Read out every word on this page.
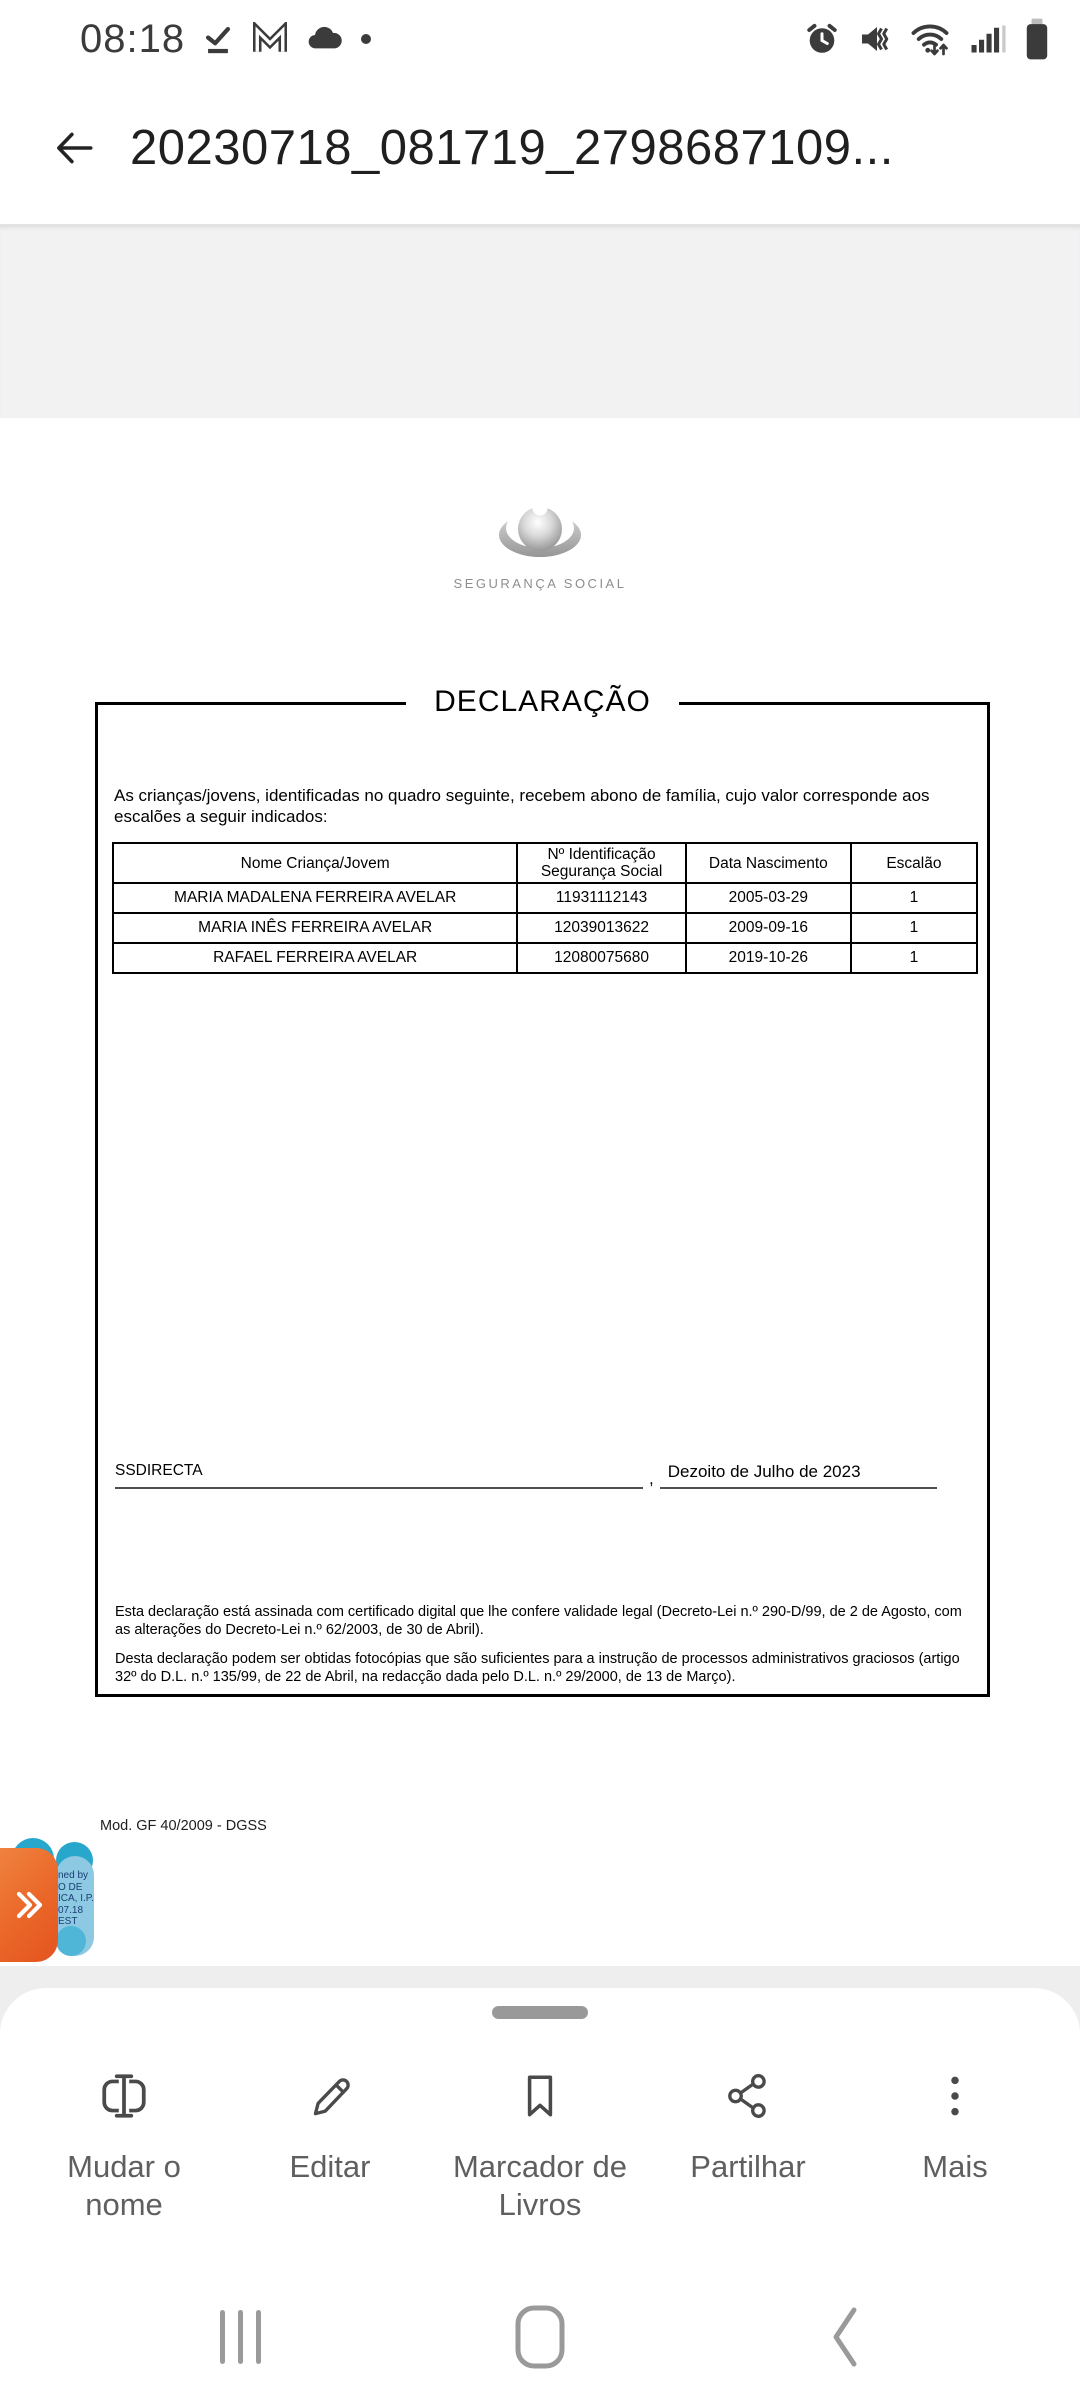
08:18
20230718_081719_2798687109...
SEGURANÇA SOCIAL
DECLARAÇÃO
As crianças/jovens, identificadas no quadro seguinte, recebem abono de família, cujo valor corresponde aos escalões a seguir indicados:
Nome Criança/Jovem	Nº Identificação Segurança Social	Data Nascimento	Escalão
MARIA MADALENA FERREIRA AVELAR	11931112143	2005-03-29	1
MARIA INÊS FERREIRA AVELAR	12039013622	2009-09-16	1
RAFAEL FERREIRA AVELAR	12080075680	2019-10-26	1
SSDIRECTA	, Dezoito de Julho de 2023
Esta declaração está assinada com certificado digital que lhe confere validade legal (Decreto-Lei n.º 290-D/99, de 2 de Agosto, com as alterações do Decreto-Lei n.º 62/2003, de 30 de Abril).
Desta declaração podem ser obtidas fotocópias que são suficientes para a instrução de processos administrativos graciosos (artigo 32º do D.L. n.º 135/99, de 22 de Abril, na redacção dada pelo D.L. n.º 29/2000, de 13 de Março).
Mod. GF 40/2009 - DGSS
ned by
O DE
ICA, I.P.
07.18
EST
Mudar o nome
Editar	Marcador de Livros
Partilhar	Mais
